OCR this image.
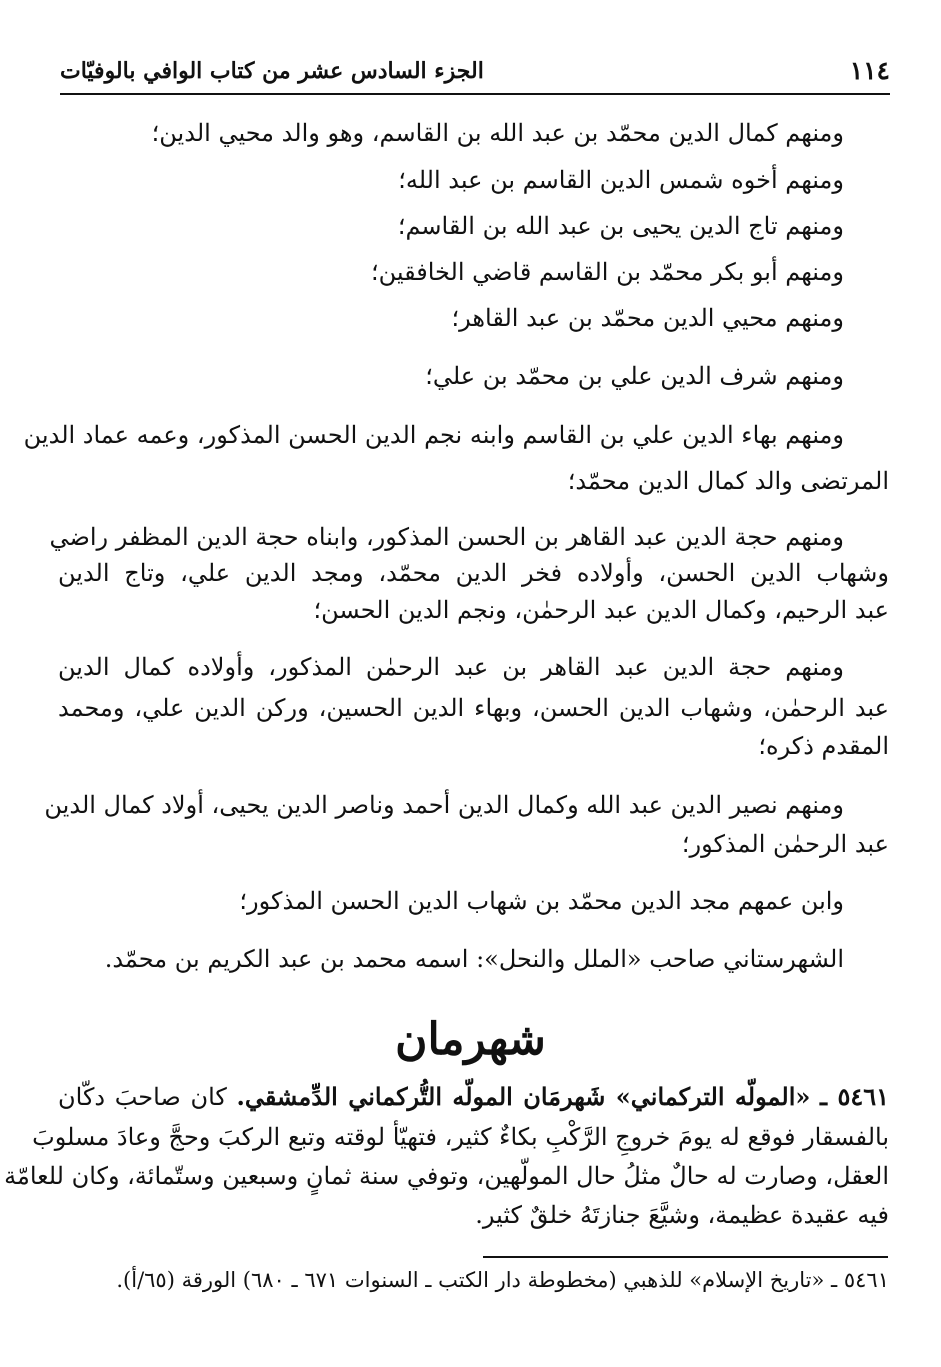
١١٤
الجزء السادس عشر من كتاب الوافي بالوفيّات
ومنهم كمال الدين محمّد بن عبد الله بن القاسم، وهو والد محيي الدين؛
ومنهم أخوه شمس الدين القاسم بن عبد الله؛
ومنهم تاج الدين يحيى بن عبد الله بن القاسم؛
ومنهم أبو بكر محمّد بن القاسم قاضي الخافقين؛
ومنهم محيي الدين محمّد بن عبد القاهر؛
ومنهم شرف الدين علي بن محمّد بن علي؛
ومنهم بهاء الدين علي بن القاسم وابنه نجم الدين الحسن المذكور، وعمه عماد الدين
المرتضى والد كمال الدين محمّد؛
ومنهم حجة الدين عبد القاهر بن الحسن المذكور، وابناه حجة الدين المظفر راضي
وشهاب الدين الحسن، وأولاده فخر الدين محمّد، ومجد الدين علي، وتاج الدين
عبد الرحيم، وكمال الدين عبد الرحمٰن، ونجم الدين الحسن؛
ومنهم حجة الدين عبد القاهر بن عبد الرحمٰن المذكور، وأولاده كمال الدين
عبد الرحمٰن، وشهاب الدين الحسن، وبهاء الدين الحسين، وركن الدين علي، ومحمد
المقدم ذكره؛
ومنهم نصير الدين عبد الله وكمال الدين أحمد وناصر الدين يحيى، أولاد كمال الدين
عبد الرحمٰن المذكور؛
وابن عمهم مجد الدين محمّد بن شهاب الدين الحسن المذكور؛
الشهرستاني صاحب «الملل والنحل»: اسمه محمد بن عبد الكريم بن محمّد.
شهرمان
٥٤٦١ ـ «المولّه التركماني» شَهرمَان المولّه التُّركماني الدِّمشقي. كان صاحبَ دكّان
بالفسقار فوقع له يومَ خروجِ الرَّكْبِ بكاءٌ كثير، فتهيّأ لوقته وتبع الركبَ وحجَّ وعادَ مسلوبَ
العقل، وصارت له حالٌ مثلُ حال المولّهين، وتوفي سنة ثمانٍ وسبعين وستّمائة، وكان للعامّة
فيه عقيدة عظيمة، وشيَّعَ جنازتَهُ خلقٌ كثير.
٥٤٦١ ـ «تاريخ الإسلام» للذهبي (مخطوطة دار الكتب ـ السنوات ٦٧١ ـ ٦٨٠) الورقة (٦٥/أ).
